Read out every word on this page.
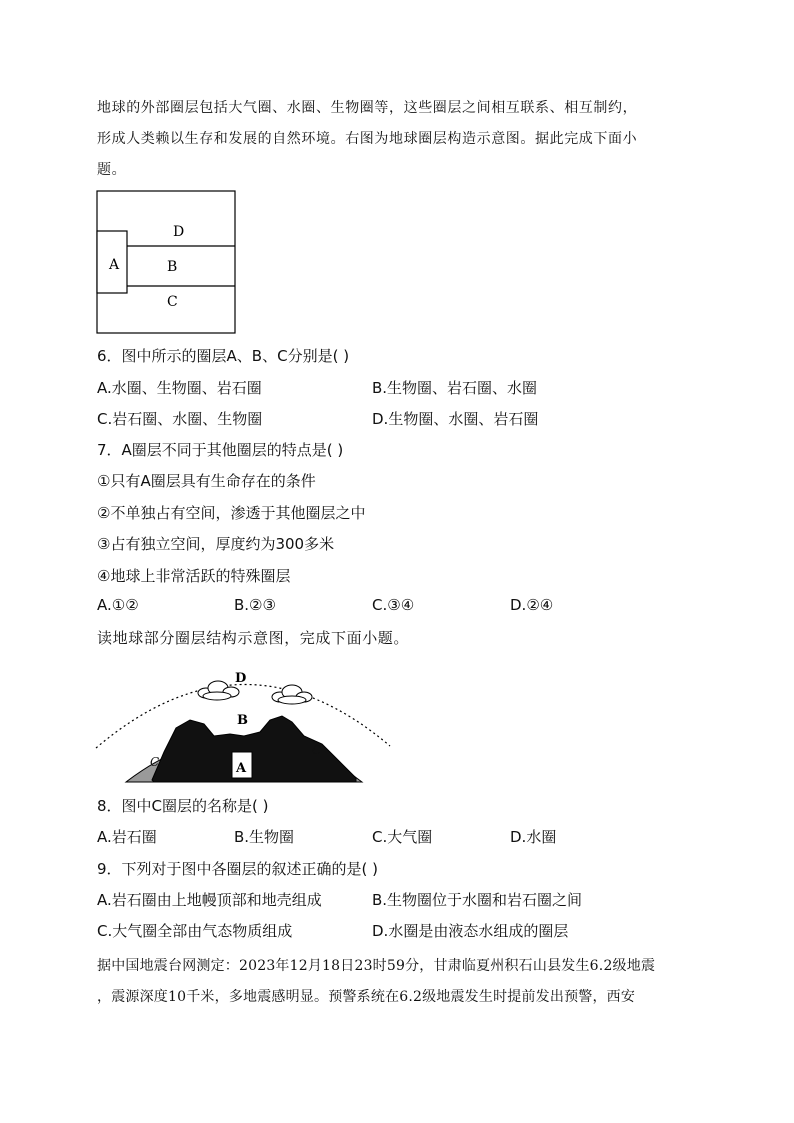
地球的外部圈层包括大气圈、水圈、生物圈等，这些圈层之间相互联系、相互制约，
形成人类赖以生存和发展的自然环境。右图为地球圈层构造示意图。据此完成下面小
题。
D
B
A
C
6．图中所示的圈层A、B、C分别是( )
A.水圈、生物圈、岩石圈	B.生物圈、岩石圈、水圈
C.岩石圈、水圈、生物圈	D.生物圈、水圈、岩石圈
7．A圈层不同于其他圈层的特点是( )
①只有A圈层具有生命存在的条件
②不单独占有空间，渗透于其他圈层之中
③占有独立空间，厚度约为300多米
④地球上非常活跃的特殊圈层
A.①②	B.②③	C.③④	D.②④
读地球部分圈层结构示意图，完成下面小题。
D
B
A
C
C
8．图中C圈层的名称是( )
A.岩石圈	B.生物圈	C.大气圈	D.水圈
9．下列对于图中各圈层的叙述正确的是( )
A.岩石圈由上地幔顶部和地壳组成	B.生物圈位于水圈和岩石圈之间
C.大气圈全部由气态物质组成	D.水圈是由液态水组成的圈层
据中国地震台网测定：2023年12月18日23时59分，甘肃临夏州积石山县发生6.2级地震
，震源深度10千米，多地震感明显。预警系统在6.2级地震发生时提前发出预警，西安
